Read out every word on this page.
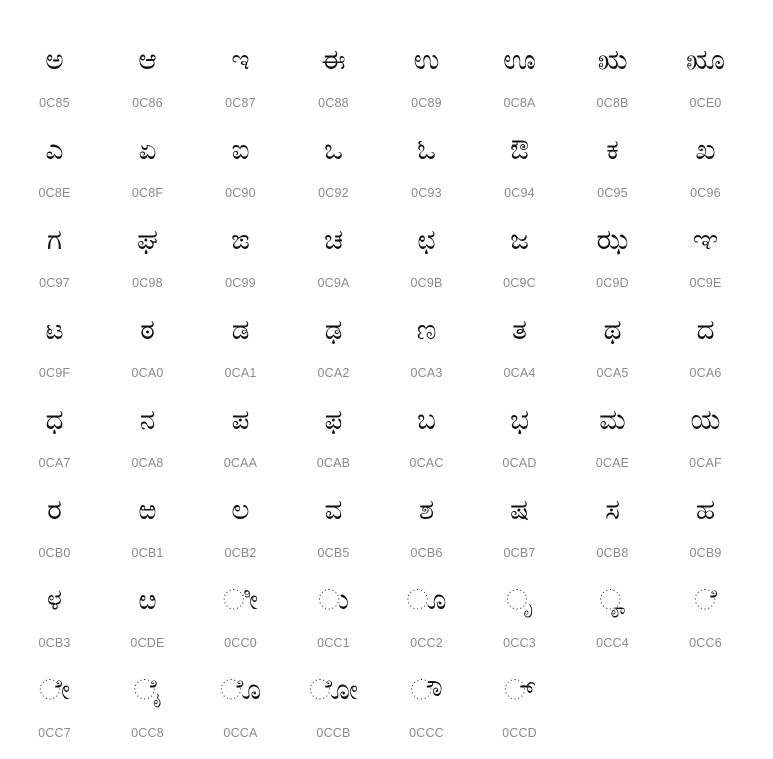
ಅ
0C85
ಆ
0C86
ಇ
0C87
ಈ
0C88
ಉ
0C89
ಊ
0C8A
ಋ
0C8B
ೠ
0CE0
ಎ
0C8E
ಏ
0C8F
ಐ
0C90
ಒ
0C92
ಓ
0C93
ಔ
0C94
ಕ
0C95
ಖ
0C96
ಗ
0C97
ಘ
0C98
ಙ
0C99
ಚ
0C9A
ಛ
0C9B
ಜ
0C9C
ಝ
0C9D
ಞ
0C9E
ಟ
0C9F
ಠ
0CA0
ಡ
0CA1
ಢ
0CA2
ಣ
0CA3
ತ
0CA4
ಥ
0CA5
ದ
0CA6
ಧ
0CA7
ನ
0CA8
ಪ
0CAA
ಫ
0CAB
ಬ
0CAC
ಭ
0CAD
ಮ
0CAE
ಯ
0CAF
ರ
0CB0
ಱ
0CB1
ಲ
0CB2
ವ
0CB5
ಶ
0CB6
ಷ
0CB7
ಸ
0CB8
ಹ
0CB9
ಳ
0CB3
ೞ
0CDE
ೀ
0CC0
ು
0CC1
ೂ
0CC2
ೃ
0CC3
ೄ
0CC4
ೆ
0CC6
ೇ
0CC7
ೈ
0CC8
ೊ
0CCA
ೋ
0CCB
ೌ
0CCC
್
0CCD
